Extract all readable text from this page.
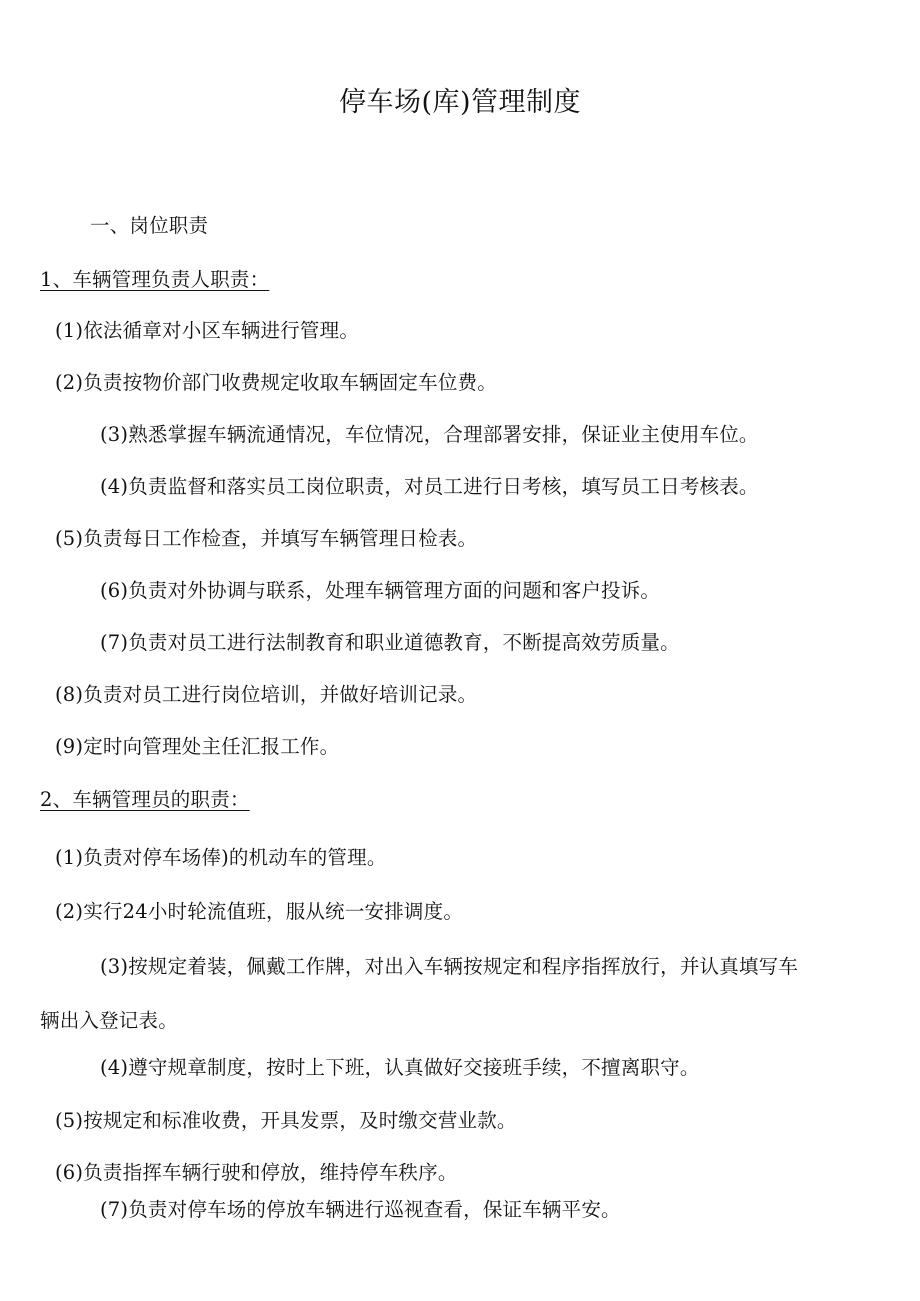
停车场(库)管理制度
一、岗位职责
1、车辆管理负责人职责：
(1)依法循章对小区车辆进行管理。
(2)负责按物价部门收费规定收取车辆固定车位费。
(3)熟悉掌握车辆流通情况，车位情况，合理部署安排，保证业主使用车位。
(4)负责监督和落实员工岗位职责，对员工进行日考核，填写员工日考核表。
(5)负责每日工作检查，并填写车辆管理日检表。
(6)负责对外协调与联系，处理车辆管理方面的问题和客户投诉。
(7)负责对员工进行法制教育和职业道德教育，不断提高效劳质量。
(8)负责对员工进行岗位培训，并做好培训记录。
(9)定时向管理处主任汇报工作。
2、车辆管理员的职责：
(1)负责对停车场俸)的机动车的管理。
(2)实行24小时轮流值班，服从统一安排调度。
(3)按规定着装，佩戴工作牌，对出入车辆按规定和程序指挥放行，并认真填写车
辆出入登记表。
(4)遵守规章制度，按时上下班，认真做好交接班手续，不擅离职守。
(5)按规定和标准收费，开具发票，及时缴交营业款。
(6)负责指挥车辆行驶和停放，维持停车秩序。
(7)负责对停车场的停放车辆进行巡视查看，保证车辆平安。
